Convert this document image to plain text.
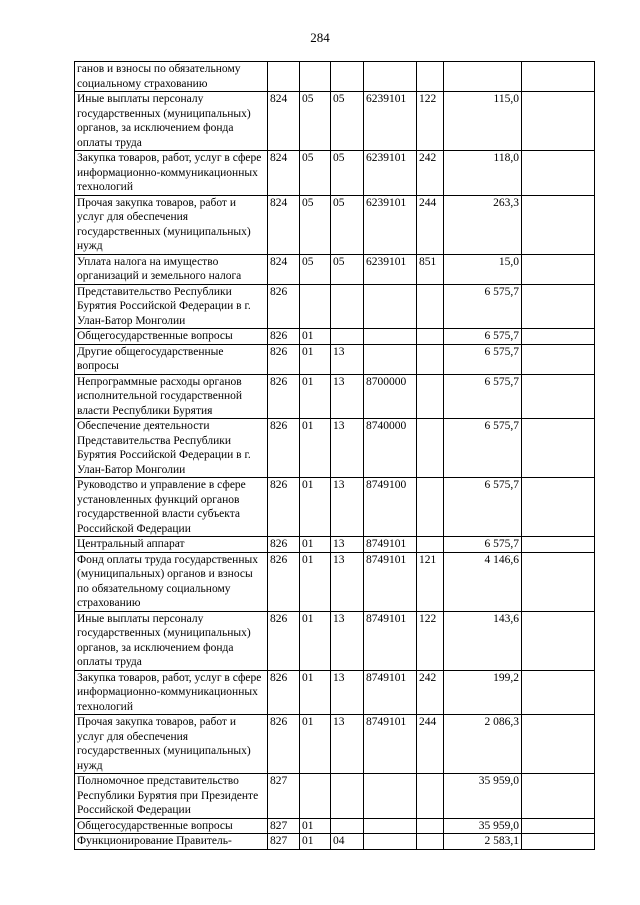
284
ганов и взносы по обязательному социальному страхованию							
Иные выплаты персоналу государственных (муниципальных) органов, за исключением фонда оплаты труда	824	05	05	6239101	122	115,0	
Закупка товаров, работ, услуг в сфере информационно-коммуникационных технологий	824	05	05	6239101	242	118,0	
Прочая закупка товаров, работ и услуг для обеспечения государственных (муниципальных) нужд	824	05	05	6239101	244	263,3	
Уплата налога на имущество организаций и земельного налога	824	05	05	6239101	851	15,0	
Представительство Республики Бурятия Российской Федерации в г. Улан-Батор Монголии	826					6 575,7	
Общегосударственные вопросы	826	01				6 575,7	
Другие общегосударственные вопросы	826	01	13			6 575,7	
Непрограммные расходы органов исполнительной государственной власти Республики Бурятия	826	01	13	8700000		6 575,7	
Обеспечение деятельности Представительства Республики Бурятия Российской Федерации в г. Улан-Батор Монголии	826	01	13	8740000		6 575,7	
Руководство и управление в сфере установленных функций органов государственной власти субъекта Российской Федерации	826	01	13	8749100		6 575,7	
Центральный аппарат	826	01	13	8749101		6 575,7	
Фонд оплаты труда государственных (муниципальных) органов и взносы по обязательному социальному страхованию	826	01	13	8749101	121	4 146,6	
Иные выплаты персоналу государственных (муниципальных) органов, за исключением фонда оплаты труда	826	01	13	8749101	122	143,6	
Закупка товаров, работ, услуг в сфере информационно-коммуникационных технологий	826	01	13	8749101	242	199,2	
Прочая закупка товаров, работ и услуг для обеспечения государственных (муниципальных) нужд	826	01	13	8749101	244	2 086,3	
Полномочное представительство Республики Бурятия при Президенте Российской Федерации	827					35 959,0	
Общегосударственные вопросы	827	01				35 959,0	
Функционирование Правитель-	827	01	04			2 583,1	
